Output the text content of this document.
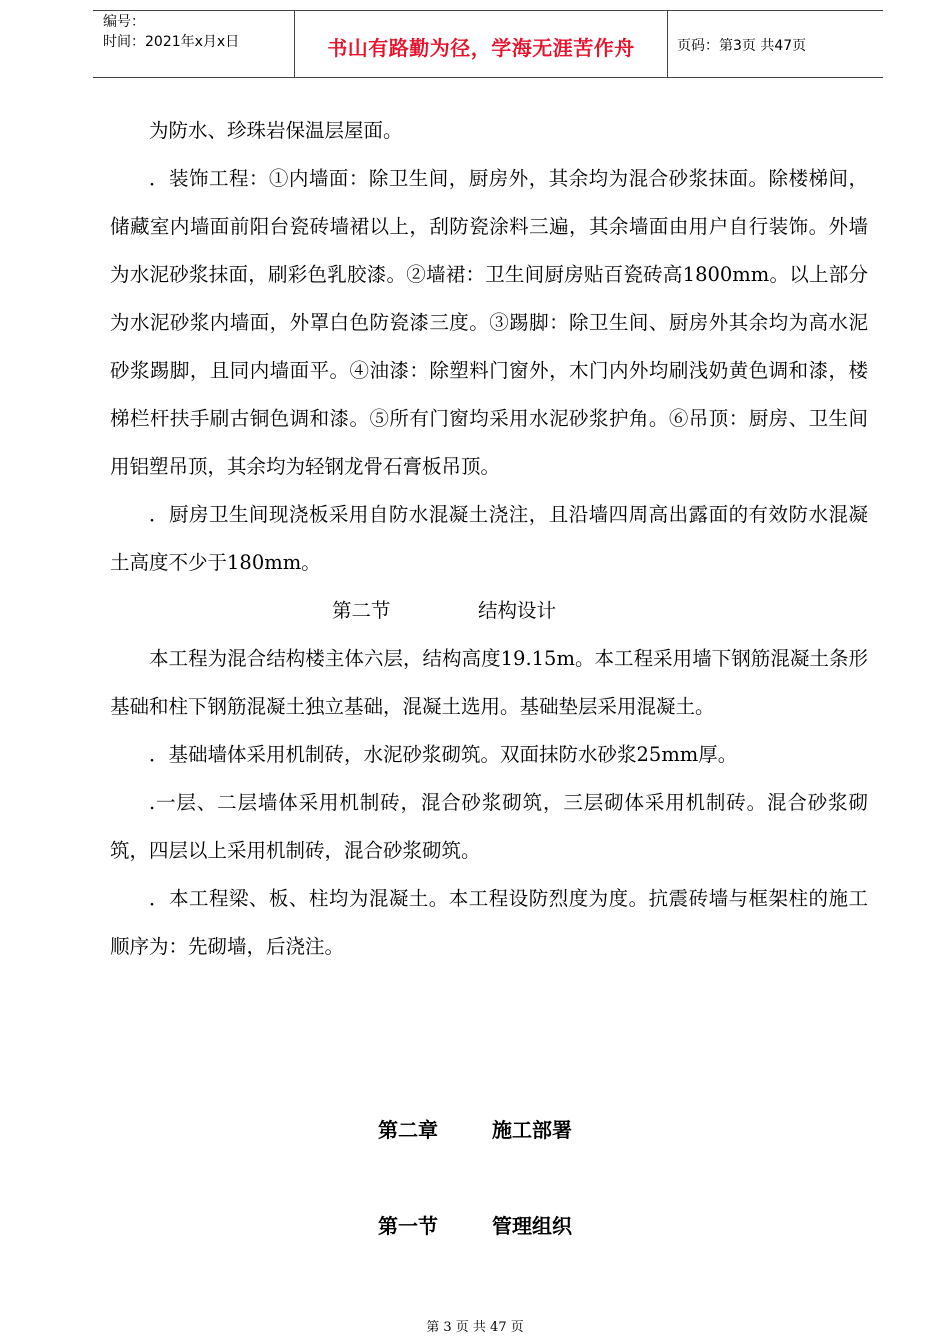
编号：
时间：2021年x月x日	书山有路勤为径，学海无涯苦作舟	页码：第3页 共47页

为防水、珍珠岩保温层屋面。

．装饰工程：①内墙面：除卫生间，厨房外，其余均为混合砂浆抹面。除楼梯间，储藏室内墙面前阳台瓷砖墙裙以上，刮防瓷涂料三遍，其余墙面由用户自行装饰。外墙为水泥砂浆抹面，刷彩色乳胶漆。②墙裙：卫生间厨房贴百瓷砖高1800mm。以上部分为水泥砂浆内墙面，外罩白色防瓷漆三度。③踢脚：除卫生间、厨房外其余均为高水泥砂浆踢脚，且同内墙面平。④油漆：除塑料门窗外，木门内外均刷浅奶黄色调和漆，楼梯栏杆扶手刷古铜色调和漆。⑤所有门窗均采用水泥砂浆护角。⑥吊顶：厨房、卫生间用铝塑吊顶，其余均为轻钢龙骨石膏板吊顶。

．厨房卫生间现浇板采用自防水混凝土浇注，且沿墙四周高出露面的有效防水混凝土高度不少于180mm。

第二节	结构设计

本工程为混合结构楼主体六层，结构高度19.15m。本工程采用墙下钢筋混凝土条形基础和柱下钢筋混凝土独立基础，混凝土选用。基础垫层采用混凝土。

．基础墙体采用机制砖，水泥砂浆砌筑。双面抹防水砂浆25mm厚。

.一层、二层墙体采用机制砖，混合砂浆砌筑，三层砌体采用机制砖。混合砂浆砌筑，四层以上采用机制砖，混合砂浆砌筑。

．本工程梁、板、柱均为混凝土。本工程设防烈度为度。抗震砖墙与框架柱的施工顺序为：先砌墙，后浇注。

第二章	施工部署
第一节	管理组织
第 3 页 共 47 页
